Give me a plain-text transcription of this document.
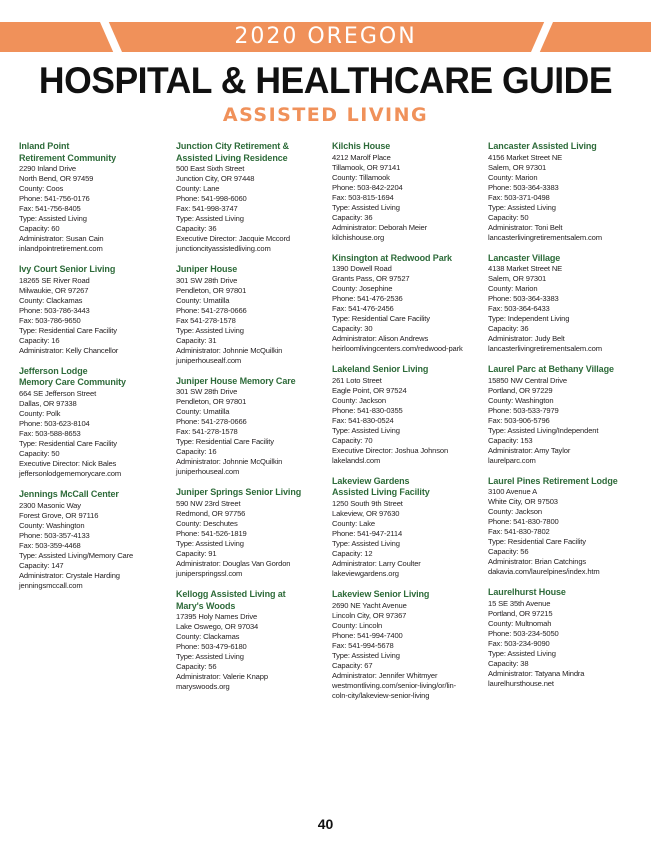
2020 OREGON
HOSPITAL & HEALTHCARE GUIDE
ASSISTED LIVING
Inland Point
Retirement Community
2290 Inland Drive
North Bend, OR 97459
County: Coos
Phone: 541-756-0176
Fax: 541-756-8405
Type: Assisted Living
Capacity: 60
Administrator: Susan Cain
inlandpointretirement.com
Ivy Court Senior Living
18265 SE River Road
Milwaukie, OR 97267
County: Clackamas
Phone: 503-786-3443
Fax: 503-786-9650
Type: Residential Care Facility
Capacity: 16
Administrator: Kelly Chancellor
Jefferson Lodge
Memory Care Community
664 SE Jefferson Street
Dallas, OR 97338
County: Polk
Phone: 503-623-8104
Fax: 503-588-8653
Type: Residential Care Facility
Capacity: 50
Executive Director: Nick Bales
jeffersonlodgememorycare.com
Jennings McCall Center
2300 Masonic Way
Forest Grove, OR 97116
County: Washington
Phone: 503-357-4133
Fax: 503-359-4468
Type: Assisted Living/Memory Care
Capacity: 147
Administrator: Crystale Harding
jenningsmccall.com
Junction City Retirement &
Assisted Living Residence
500 East Sixth Street
Junction City, OR 97448
County: Lane
Phone: 541-998-6060
Fax: 541-998-3747
Type: Assisted Living
Capacity: 36
Executive Director: Jacquie Mccord
junctioncityassistedliving.com
Juniper House
301 SW 28th Drive
Pendleton, OR 97801
County: Umatilla
Phone: 541-278-0666
Fax 541-278-1578
Type: Assisted Living
Capacity: 31
Administrator: Johnnie McQuilkin
juniperhousealf.com
Juniper House Memory Care
301 SW 28th Drive
Pendleton, OR 97801
County: Umatilla
Phone: 541-278-0666
Fax: 541-278-1578
Type: Residential Care Facility
Capacity: 16
Administrator: Johnnie McQuilkin
juniperhouseal.com
Juniper Springs Senior Living
590 NW 23rd Street
Redmond, OR 97756
County: Deschutes
Phone: 541-526-1819
Type: Assisted Living
Capacity: 91
Administrator: Douglas Van Gordon
juniperspringssl.com
Kellogg Assisted Living at
Mary's Woods
17395 Holy Names Drive
Lake Oswego, OR 97034
County: Clackamas
Phone: 503-479-6180
Type: Assisted Living
Capacity: 56
Administrator: Valerie Knapp
maryswoods.org
Kilchis House
4212 Marolf Place
Tillamook, OR 97141
County: Tillamook
Phone: 503-842-2204
Fax: 503-815-1694
Type: Assisted Living
Capacity: 36
Administrator: Deborah Meier
kilchishouse.org
Kinsington at Redwood Park
1390 Dowell Road
Grants Pass, OR 97527
County: Josephine
Phone: 541-476-2536
Fax: 541-476-2456
Type: Residential Care Facility
Capacity: 30
Administrator: Alison Andrews
heirloomlivingcenters.com/redwood-park
Lakeland Senior Living
261 Loto Street
Eagle Point, OR 97524
County: Jackson
Phone: 541-830-0355
Fax: 541-830-0524
Type: Assisted Living
Capacity: 70
Executive Director: Joshua Johnson
lakelandsl.com
Lakeview Gardens
Assisted Living Facility
1250 South 9th Street
Lakeview, OR 97630
County: Lake
Phone: 541-947-2114
Type: Assisted Living
Capacity: 12
Administrator: Larry Coulter
lakeviewgardens.org
Lakeview Senior Living
2690 NE Yacht Avenue
Lincoln City, OR 97367
County: Lincoln
Phone: 541-994-7400
Fax: 541-994-5678
Type: Assisted Living
Capacity: 67
Administrator: Jennifer Whitmyer
westmontliving.com/senior-living/or/lin-
coln-city/lakeview-senior-living
Lancaster Assisted Living
4156 Market Street NE
Salem, OR 97301
County: Marion
Phone: 503-364-3383
Fax: 503-371-0498
Type: Assisted Living
Capacity: 50
Administrator: Toni Belt
lancasterlivingretirementsalem.com
Lancaster Village
4138 Market Street NE
Salem, OR 97301
County: Marion
Phone: 503-364-3383
Fax: 503-364-6433
Type: Independent Living
Capacity: 36
Administrator: Judy Belt
lancasterlivingretirementsalem.com
Laurel Parc at Bethany Village
15850 NW Central Drive
Portland, OR 97229
County: Washington
Phone: 503-533-7979
Fax: 503-906-5796
Type: Assisted Living/Independent
Capacity: 153
Administrator: Amy Taylor
laurelparc.com
Laurel Pines Retirement Lodge
3100 Avenue A
White City, OR 97503
County: Jackson
Phone: 541-830-7800
Fax: 541-830-7802
Type: Residential Care Facility
Capacity: 56
Administrator: Brian Catchings
dakavia.com/laurelpines/index.htm
Laurelhurst House
15 SE 35th Avenue
Portland, OR 97215
County: Multnomah
Phone: 503-234-5050
Fax: 503-234-9090
Type: Assisted Living
Capacity: 38
Administrator: Tatyana Mindra
laurelhursthouse.net
40
